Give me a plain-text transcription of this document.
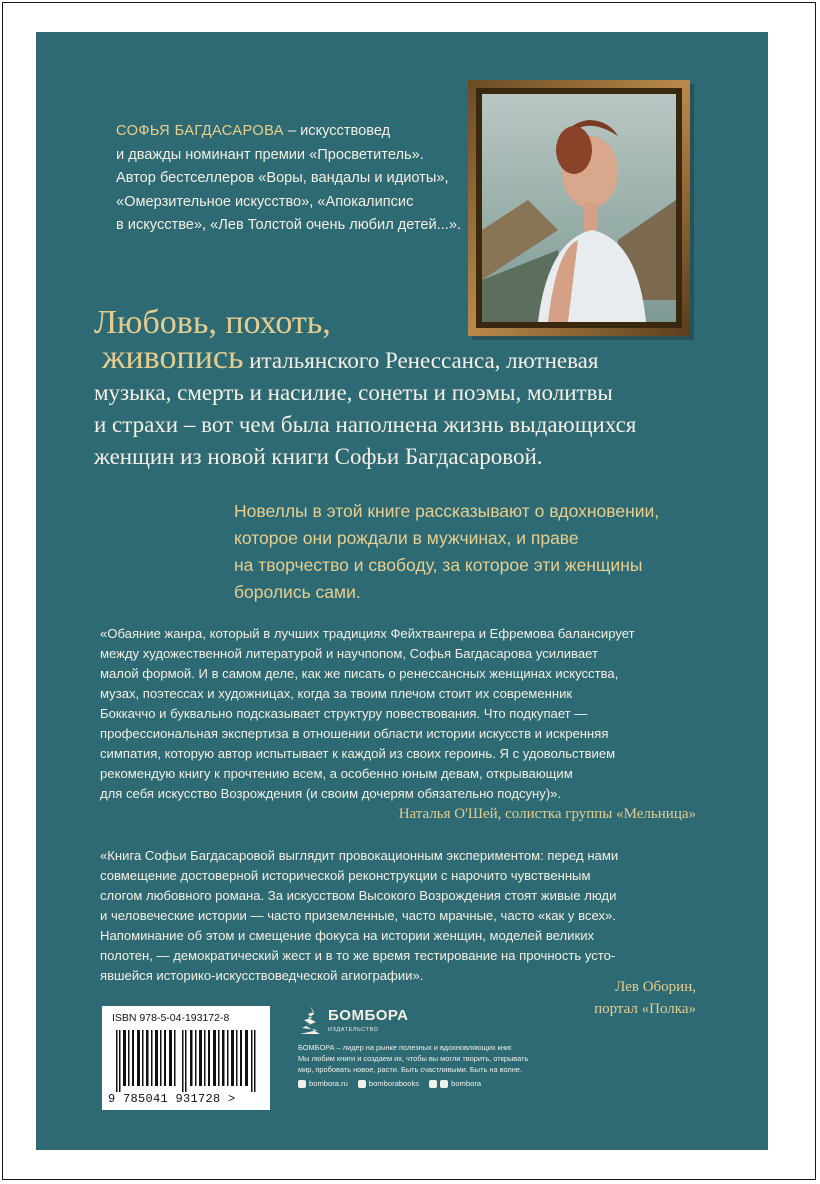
СОФЬЯ БАГДАСАРОВА – искусствовед
и дважды номинант премии «Просветитель».
Автор бестселлеров «Воры, вандалы и идиоты»,
«Омерзительное искусство», «Апокалипсис
в искусстве», «Лев Толстой очень любил детей...».
Любовь, похоть,
живопись итальянского Ренессанса, лютневая
музыка, смерть и насилие, сонеты и поэмы, молитвы
и страхи – вот чем была наполнена жизнь выдающихся
женщин из новой книги Софьи Багдасаровой.
Новеллы в этой книге рассказывают о вдохновении,
которое они рождали в мужчинах, и праве
на творчество и свободу, за которое эти женщины
боролись сами.
«Обаяние жанра, который в лучших традициях Фейхтвангера и Ефремова балансирует
между художественной литературой и научпопом, Софья Багдасарова усиливает
малой формой. И в самом деле, как же писать о ренессансных женщинах искусства,
музах, поэтессах и художницах, когда за твоим плечом стоит их современник
Боккаччо и буквально подсказывает структуру повествования. Что подкупает —
профессиональная экспертиза в отношении области истории искусств и искренняя
симпатия, которую автор испытывает к каждой из своих героинь. Я с удовольствием
рекомендую книгу к прочтению всем, а особенно юным девам, открывающим
для себя искусство Возрождения (и своим дочерям обязательно подсуну)».
Наталья О'Шей, солистка группы «Мельница»
«Книга Софьи Багдасаровой выглядит провокационным экспериментом: перед нами
совмещение достоверной исторической реконструкции с нарочито чувственным
слогом любовного романа. За искусством Высокого Возрождения стоят живые люди
и человеческие истории — часто приземленные, часто мрачные, часто «как у всех».
Напоминание об этом и смещение фокуса на истории женщин, моделей великих
полотен, — демократический жест и в то же время тестирование на прочность усто-
явшейся историко-искусствоведческой агиографии».
Лев Оборин,
портал «Полка»
ISBN 978-5-04-193172-8
9 785041 931728 >
БОМБОРА
ИЗДАТЕЛЬСТВО
БОМБОРА – лидер на рынке полезных и вдохновляющих книг.
Мы любим книги и создаем их, чтобы вы могли творить, открывать
мир, пробовать новое, расти. Быть счастливыми. Быть на волне.
bombora.ru	bomborabooks	bombora
